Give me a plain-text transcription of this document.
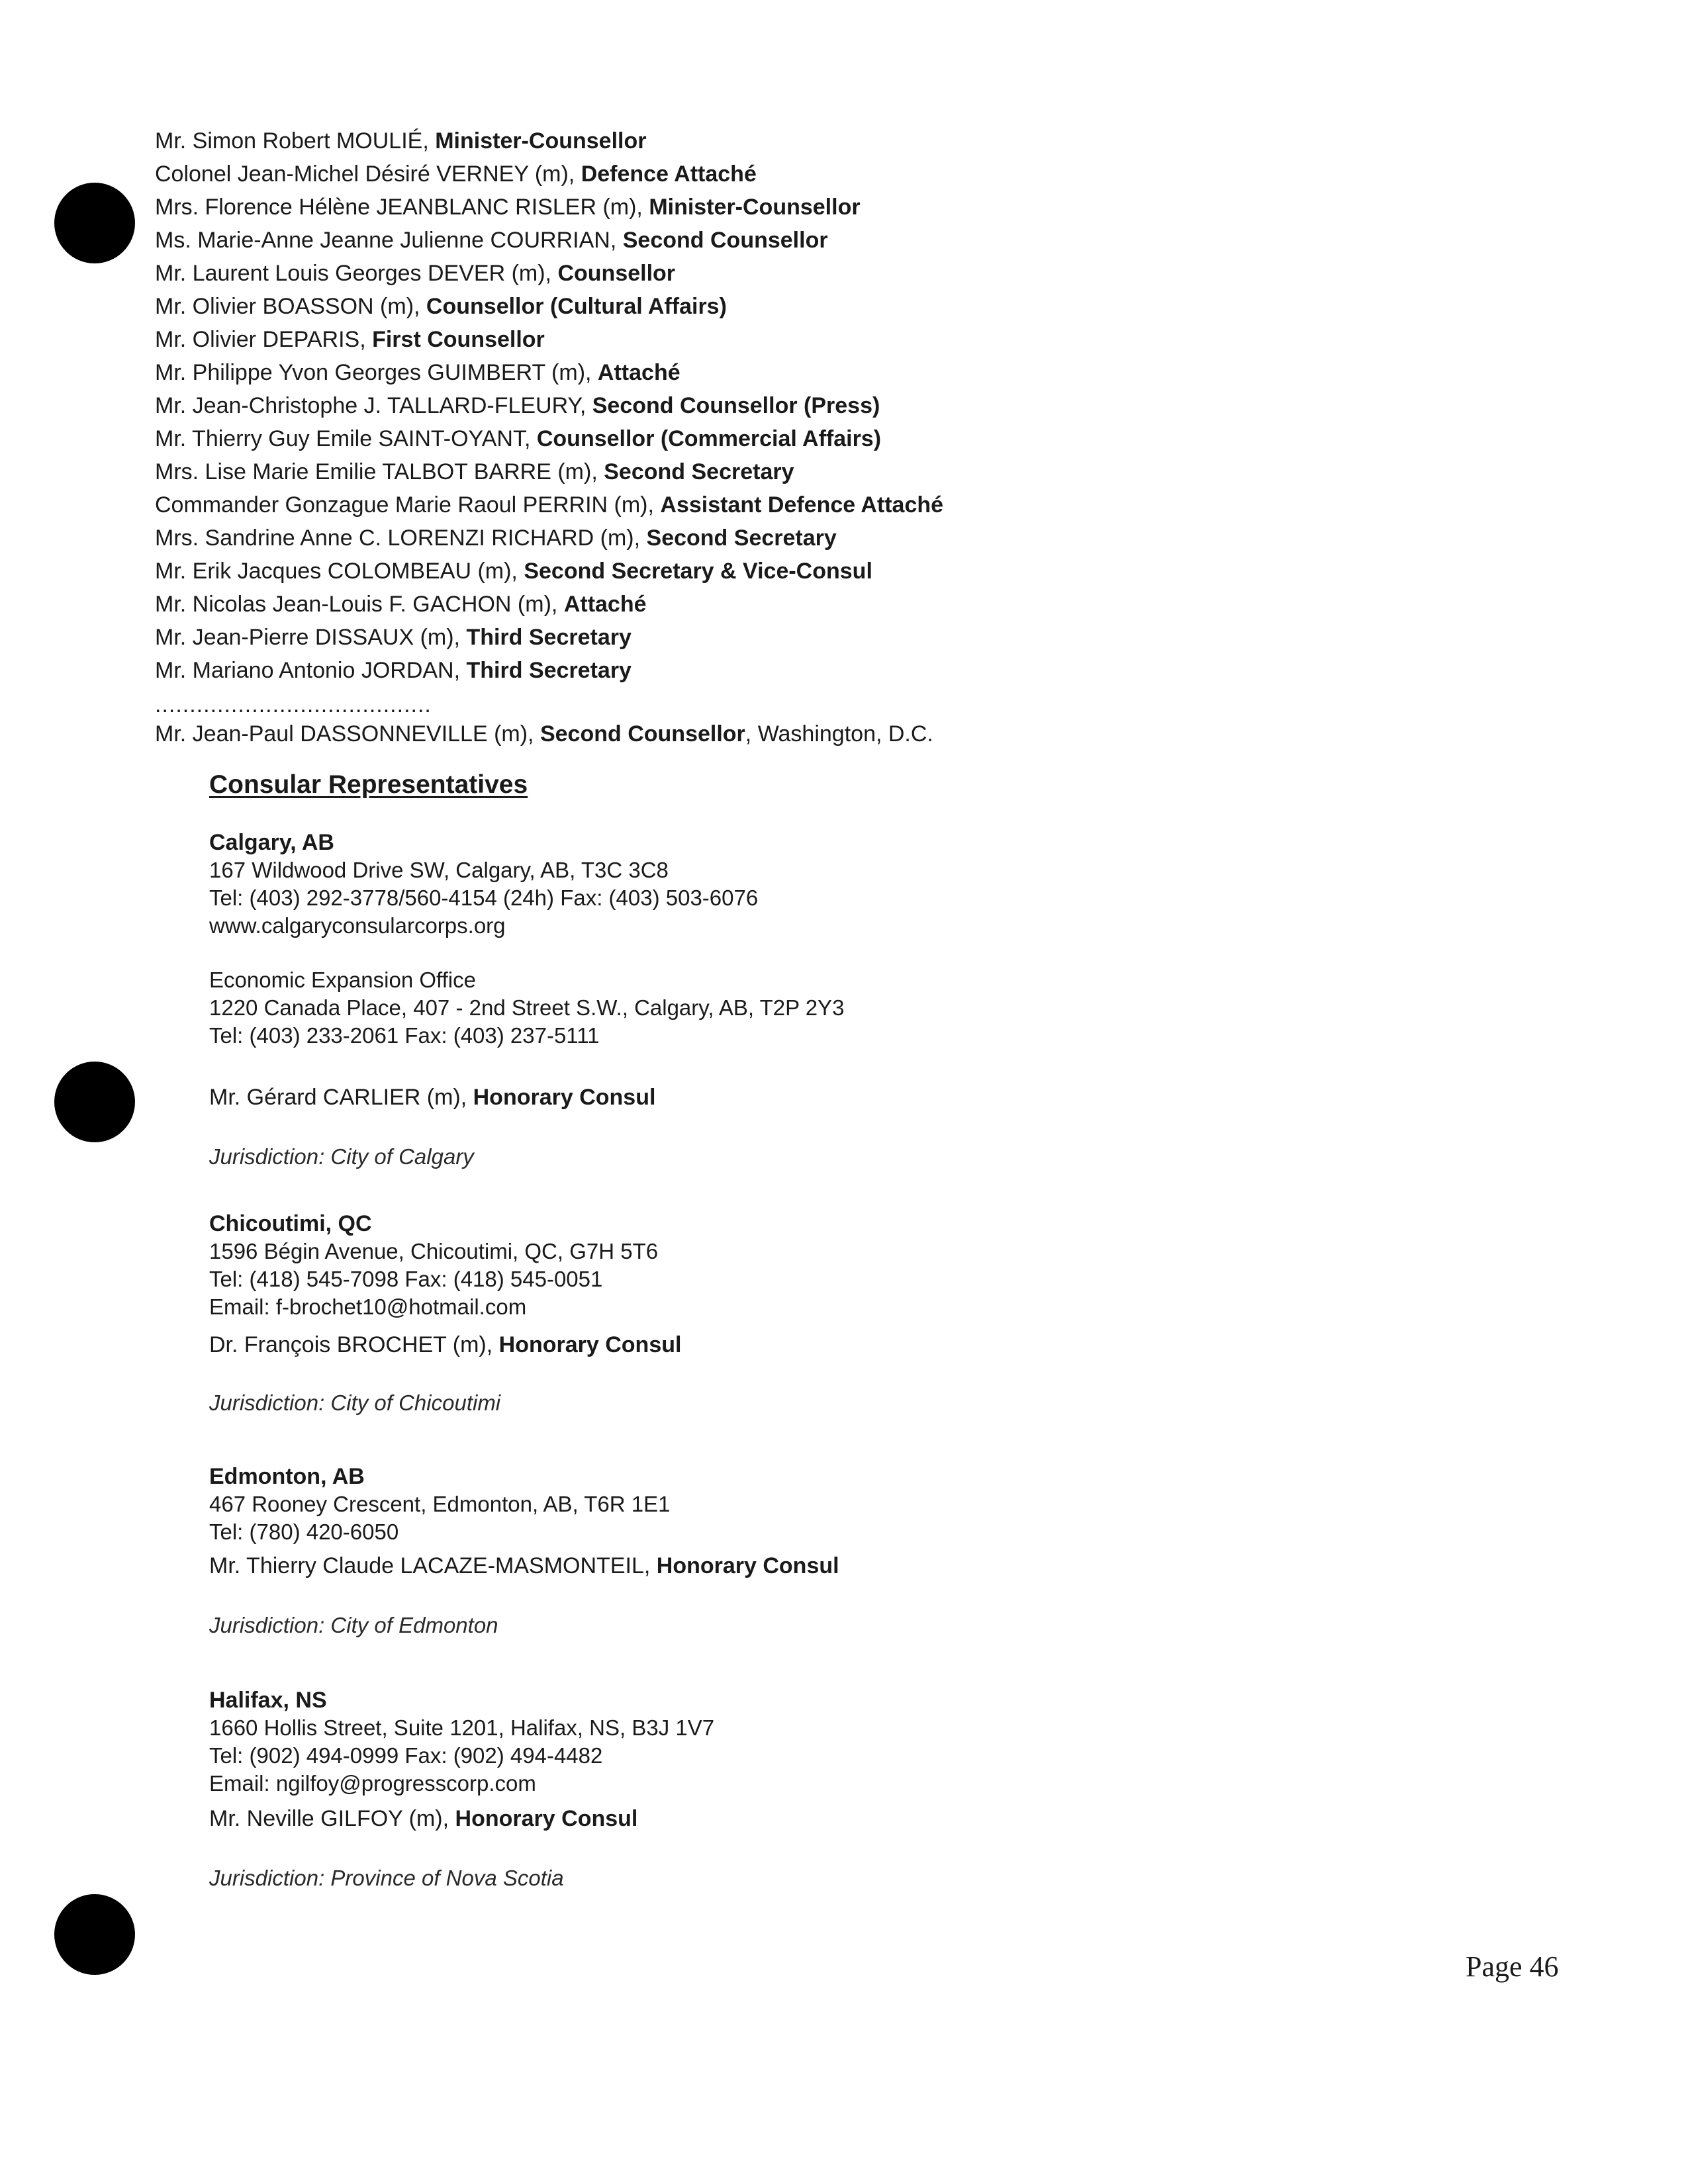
Mr. Simon Robert MOULIÉ, Minister-Counsellor
Colonel Jean-Michel Désiré VERNEY (m), Defence Attaché
Mrs. Florence Hélène JEANBLANC RISLER (m), Minister-Counsellor
Ms. Marie-Anne Jeanne Julienne COURRIAN, Second Counsellor
Mr. Laurent Louis Georges DEVER (m), Counsellor
Mr. Olivier BOASSON (m), Counsellor (Cultural Affairs)
Mr. Olivier DEPARIS, First Counsellor
Mr. Philippe Yvon Georges GUIMBERT (m), Attaché
Mr. Jean-Christophe J. TALLARD-FLEURY, Second Counsellor (Press)
Mr. Thierry Guy Emile SAINT-OYANT, Counsellor (Commercial Affairs)
Mrs. Lise Marie Emilie TALBOT BARRE (m), Second Secretary
Commander Gonzague Marie Raoul PERRIN (m), Assistant Defence Attaché
Mrs. Sandrine Anne C. LORENZI RICHARD (m), Second Secretary
Mr. Erik Jacques COLOMBEAU (m), Second Secretary & Vice-Consul
Mr. Nicolas Jean-Louis F. GACHON (m), Attaché
Mr. Jean-Pierre DISSAUX (m), Third Secretary
Mr. Mariano Antonio JORDAN, Third Secretary
........................................
Mr. Jean-Paul DASSONNEVILLE (m), Second Counsellor, Washington, D.C.
Consular Representatives
Calgary, AB
167 Wildwood Drive SW, Calgary, AB, T3C 3C8
Tel: (403) 292-3778/560-4154 (24h) Fax: (403) 503-6076
www.calgaryconsularcorps.org
Economic Expansion Office
1220 Canada Place, 407 - 2nd Street S.W., Calgary, AB, T2P 2Y3
Tel: (403) 233-2061 Fax: (403) 237-5111
Mr. Gérard CARLIER (m), Honorary Consul
Jurisdiction: City of Calgary
Chicoutimi, QC
1596 Bégin Avenue, Chicoutimi, QC, G7H 5T6
Tel: (418) 545-7098 Fax: (418) 545-0051
Email: f-brochet10@hotmail.com
Dr. François BROCHET (m), Honorary Consul
Jurisdiction: City of Chicoutimi
Edmonton, AB
467 Rooney Crescent, Edmonton, AB, T6R 1E1
Tel: (780) 420-6050
Mr. Thierry Claude LACAZE-MASMONTEIL, Honorary Consul
Jurisdiction: City of Edmonton
Halifax, NS
1660 Hollis Street, Suite 1201, Halifax, NS, B3J 1V7
Tel: (902) 494-0999 Fax: (902) 494-4482
Email: ngilfoy@progresscorp.com
Mr. Neville GILFOY (m), Honorary Consul
Jurisdiction: Province of Nova Scotia
Page 46
